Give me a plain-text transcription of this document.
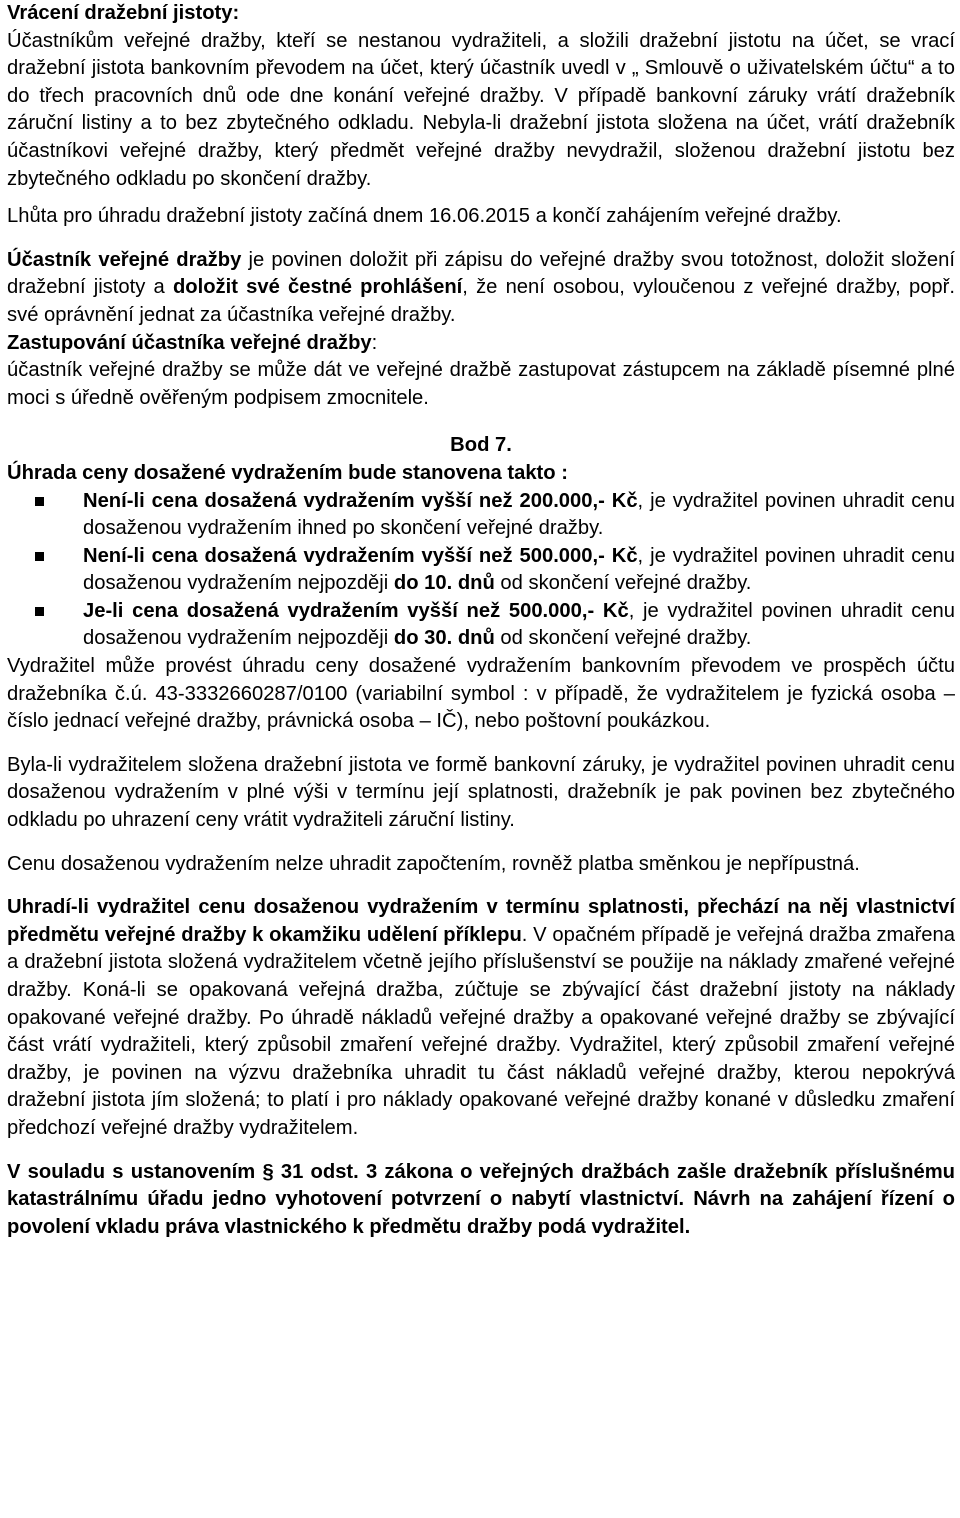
Vrácení dražební jistoty:

Účastníkům veřejné dražby, kteří se nestanou vydražiteli, a složili dražební jistotu na účet, se vrací dražební jistota bankovním převodem na účet, který účastník uvedl v „ Smlouvě o uživatelském účtu“ a to do třech pracovních dnů ode dne konání veřejné dražby. V případě bankovní záruky vrátí dražebník záruční listiny a to bez zbytečného odkladu. Nebyla-li dražební jistota složena na účet, vrátí dražebník účastníkovi veřejné dražby, který předmět veřejné dražby nevydražil, složenou dražební jistotu bez zbytečného odkladu po skončení dražby.

Lhůta pro úhradu dražební jistoty začíná dnem 16.06.2015 a končí zahájením veřejné dražby.

Účastník veřejné dražby je povinen doložit při zápisu do veřejné dražby svou totožnost, doložit složení dražební jistoty a doložit své čestné prohlášení, že není osobou, vyloučenou z veřejné dražby, popř. své oprávnění jednat za účastníka veřejné dražby.

Zastupování účastníka veřejné dražby:

účastník veřejné dražby se může dát ve veřejné dražbě zastupovat zástupcem na základě písemné plné moci s úředně ověřeným podpisem zmocnitele.

Bod 7.

Úhrada ceny dosažené vydražením bude stanovena takto :

Není-li cena dosažená vydražením vyšší než 200.000,- Kč, je vydražitel povinen uhradit cenu dosaženou vydražením ihned po skončení veřejné dražby.
Není-li cena dosažená vydražením vyšší než 500.000,- Kč, je vydražitel povinen uhradit cenu dosaženou vydražením nejpozději do 10. dnů od skončení veřejné dražby.
Je-li cena dosažená vydražením vyšší než 500.000,- Kč, je vydražitel povinen uhradit cenu dosaženou vydražením nejpozději do 30. dnů od skončení veřejné dražby.

Vydražitel může provést úhradu ceny dosažené vydražením bankovním převodem ve prospěch účtu dražebníka č.ú. 43-3332660287/0100 (variabilní symbol : v případě, že vydražitelem je fyzická osoba – číslo jednací veřejné dražby, právnická osoba – IČ), nebo poštovní poukázkou.

Byla-li vydražitelem složena dražební jistota ve formě bankovní záruky, je vydražitel povinen uhradit cenu dosaženou vydražením v plné výši v termínu její splatnosti, dražebník je pak povinen bez zbytečného odkladu po uhrazení ceny vrátit vydražiteli záruční listiny.

Cenu dosaženou vydražením nelze uhradit započtením, rovněž platba směnkou je nepřípustná.

Uhradí-li vydražitel cenu dosaženou vydražením v termínu splatnosti, přechází na něj vlastnictví předmětu veřejné dražby k okamžiku udělení příklepu. V opačném případě je veřejná dražba zmařena a dražební jistota složená vydražitelem včetně jejího příslušenství se použije na náklady zmařené veřejné dražby. Koná-li se opakovaná veřejná dražba, zúčtuje se zbývající část dražební jistoty na náklady opakované veřejné dražby. Po úhradě nákladů veřejné dražby a opakované veřejné dražby se zbývající část vrátí vydražiteli, který způsobil zmaření veřejné dražby. Vydražitel, který způsobil zmaření veřejné dražby, je povinen na výzvu dražebníka uhradit tu část nákladů veřejné dražby, kterou nepokrývá dražební jistota jím složená; to platí i pro náklady opakované veřejné dražby konané v důsledku zmaření předchozí veřejné dražby vydražitelem.

V souladu s ustanovením § 31 odst. 3 zákona o veřejných dražbách zašle dražebník příslušnému katastrálnímu úřadu jedno vyhotovení potvrzení o nabytí vlastnictví. Návrh na zahájení řízení o povolení vkladu práva vlastnického k předmětu dražby podá vydražitel.
